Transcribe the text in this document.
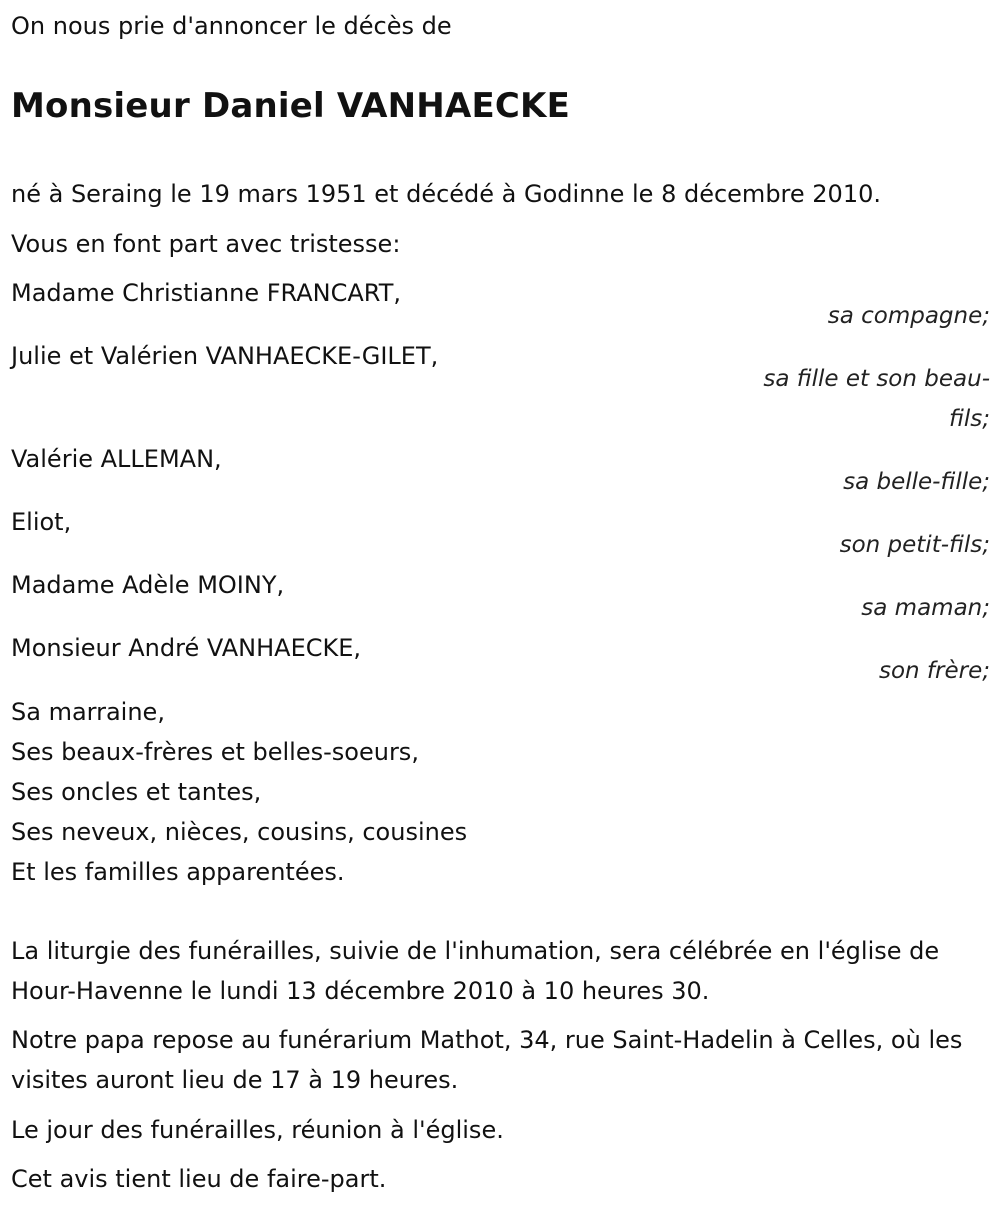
On nous prie d'annoncer le décès de

Monsieur Daniel VANHAECKE

né à Seraing le 19 mars 1951 et décédé à Godinne le 8 décembre 2010.

Vous en font part avec tristesse:

Madame Christianne FRANCART,
sa compagne;
Julie et Valérien VANHAECKE-GILET,
sa fille et son beau-fils;
Valérie ALLEMAN,
sa belle-fille;
Eliot,
son petit-fils;
Madame Adèle MOINY,
sa maman;
Monsieur André VANHAECKE,
son frère;

Sa marraine,

Ses beaux-frères et belles-soeurs,

Ses oncles et tantes,

Ses neveux, nièces, cousins, cousines

Et les familles apparentées.

La liturgie des funérailles, suivie de l'inhumation, sera célébrée en l'église de Hour-Havenne le lundi 13 décembre 2010 à 10 heures 30.

Notre papa repose au funérarium Mathot, 34, rue Saint-Hadelin à Celles, où les visites auront lieu de 17 à 19 heures.

Le jour des funérailles, réunion à l'église.

Cet avis tient lieu de faire-part.
